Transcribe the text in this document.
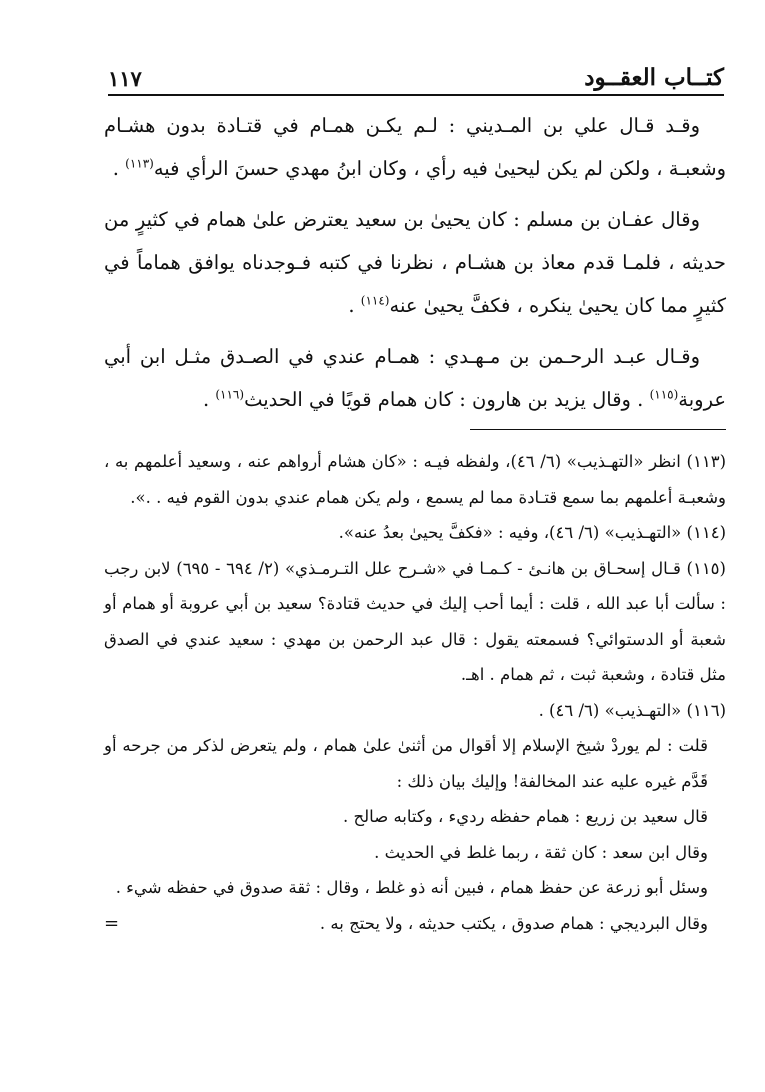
١١٧	كتــاب العقــود

وقـد قـال علي بن المـديني : لـم يكـن همـام في قتـادة بدون هشـام وشعبـة ، ولكن لم يكن ليحيىٰ فيه رأي ، وكان ابنُ مهدي حسنَ الرأي فيه$^{(١١٣)}$ .

وقال عفـان بن مسلم : كان يحيىٰ بن سعيد يعترض علىٰ همام في كثيرٍ من حديثه ، فلمـا قدم معاذ بن هشـام ، نظرنا في كتبه فـوجدناه يوافق هماماً في كثيرٍ مما كان يحيىٰ ينكره ، فكفَّ يحيىٰ عنه$^{(١١٤)}$ .

وقـال عبـد الرحـمن بن مـهـدي : همـام عندي في الصـدق مثـل ابن أبي عروبة$^{(١١٥)}$ . وقال يزيد بن هارون : كان همام قويًا في الحديث$^{(١١٦)}$ .

(١١٣) انظر «التهـذيب» (٦/ ٤٦)، ولفظه فيـه : «كان هشام أرواهم عنه ، وسعيد أعلمهم به ، وشعبـة أعلمهم بما سمع قتـادة مما لم يسمع ، ولم يكن همام عندي بدون القوم فيه . .».

(١١٤) «التهـذيب» (٦/ ٤٦)، وفيه : «فكفَّ يحيىٰ بعدُ عنه».

(١١٥) قـال إسحـاق بن هانـئ - كـمـا في «شـرح علل التـرمـذي» (٢/ ٦٩٤ - ٦٩٥) لابن رجب : سألت أبا عبد الله ، قلت : أيما أحب إليك في حديث قتادة؟ سعيد بن أبي عروبة أو همام أو شعبة أو الدستوائي؟ فسمعته يقول : قال عبد الرحمن بن مهدي : سعيد عندي في الصدق مثل قتادة ، وشعبة ثبت ، ثم همام . اهـ.

(١١٦) «التهـذيب» (٦/ ٤٦) .

قلت : لم يوردْ شيخ الإسلام إلا أقوال من أثنىٰ علىٰ همام ، ولم يتعرض لذكر من جرحه أو قَدَّم غيره عليه عند المخالفة! وإليك بيان ذلك :

قال سعيد بن زريع : همام حفظه رديء ، وكتابه صالح .

وقال ابن سعد : كان ثقة ، ربما غلط في الحديث .

وسئل أبو زرعة عن حفظ همام ، فبين أنه ذو غلط ، وقال : ثقة صدوق في حفظه شيء .

وقال البرديجي : همام صدوق ، يكتب حديثه ، ولا يحتج به .
=
